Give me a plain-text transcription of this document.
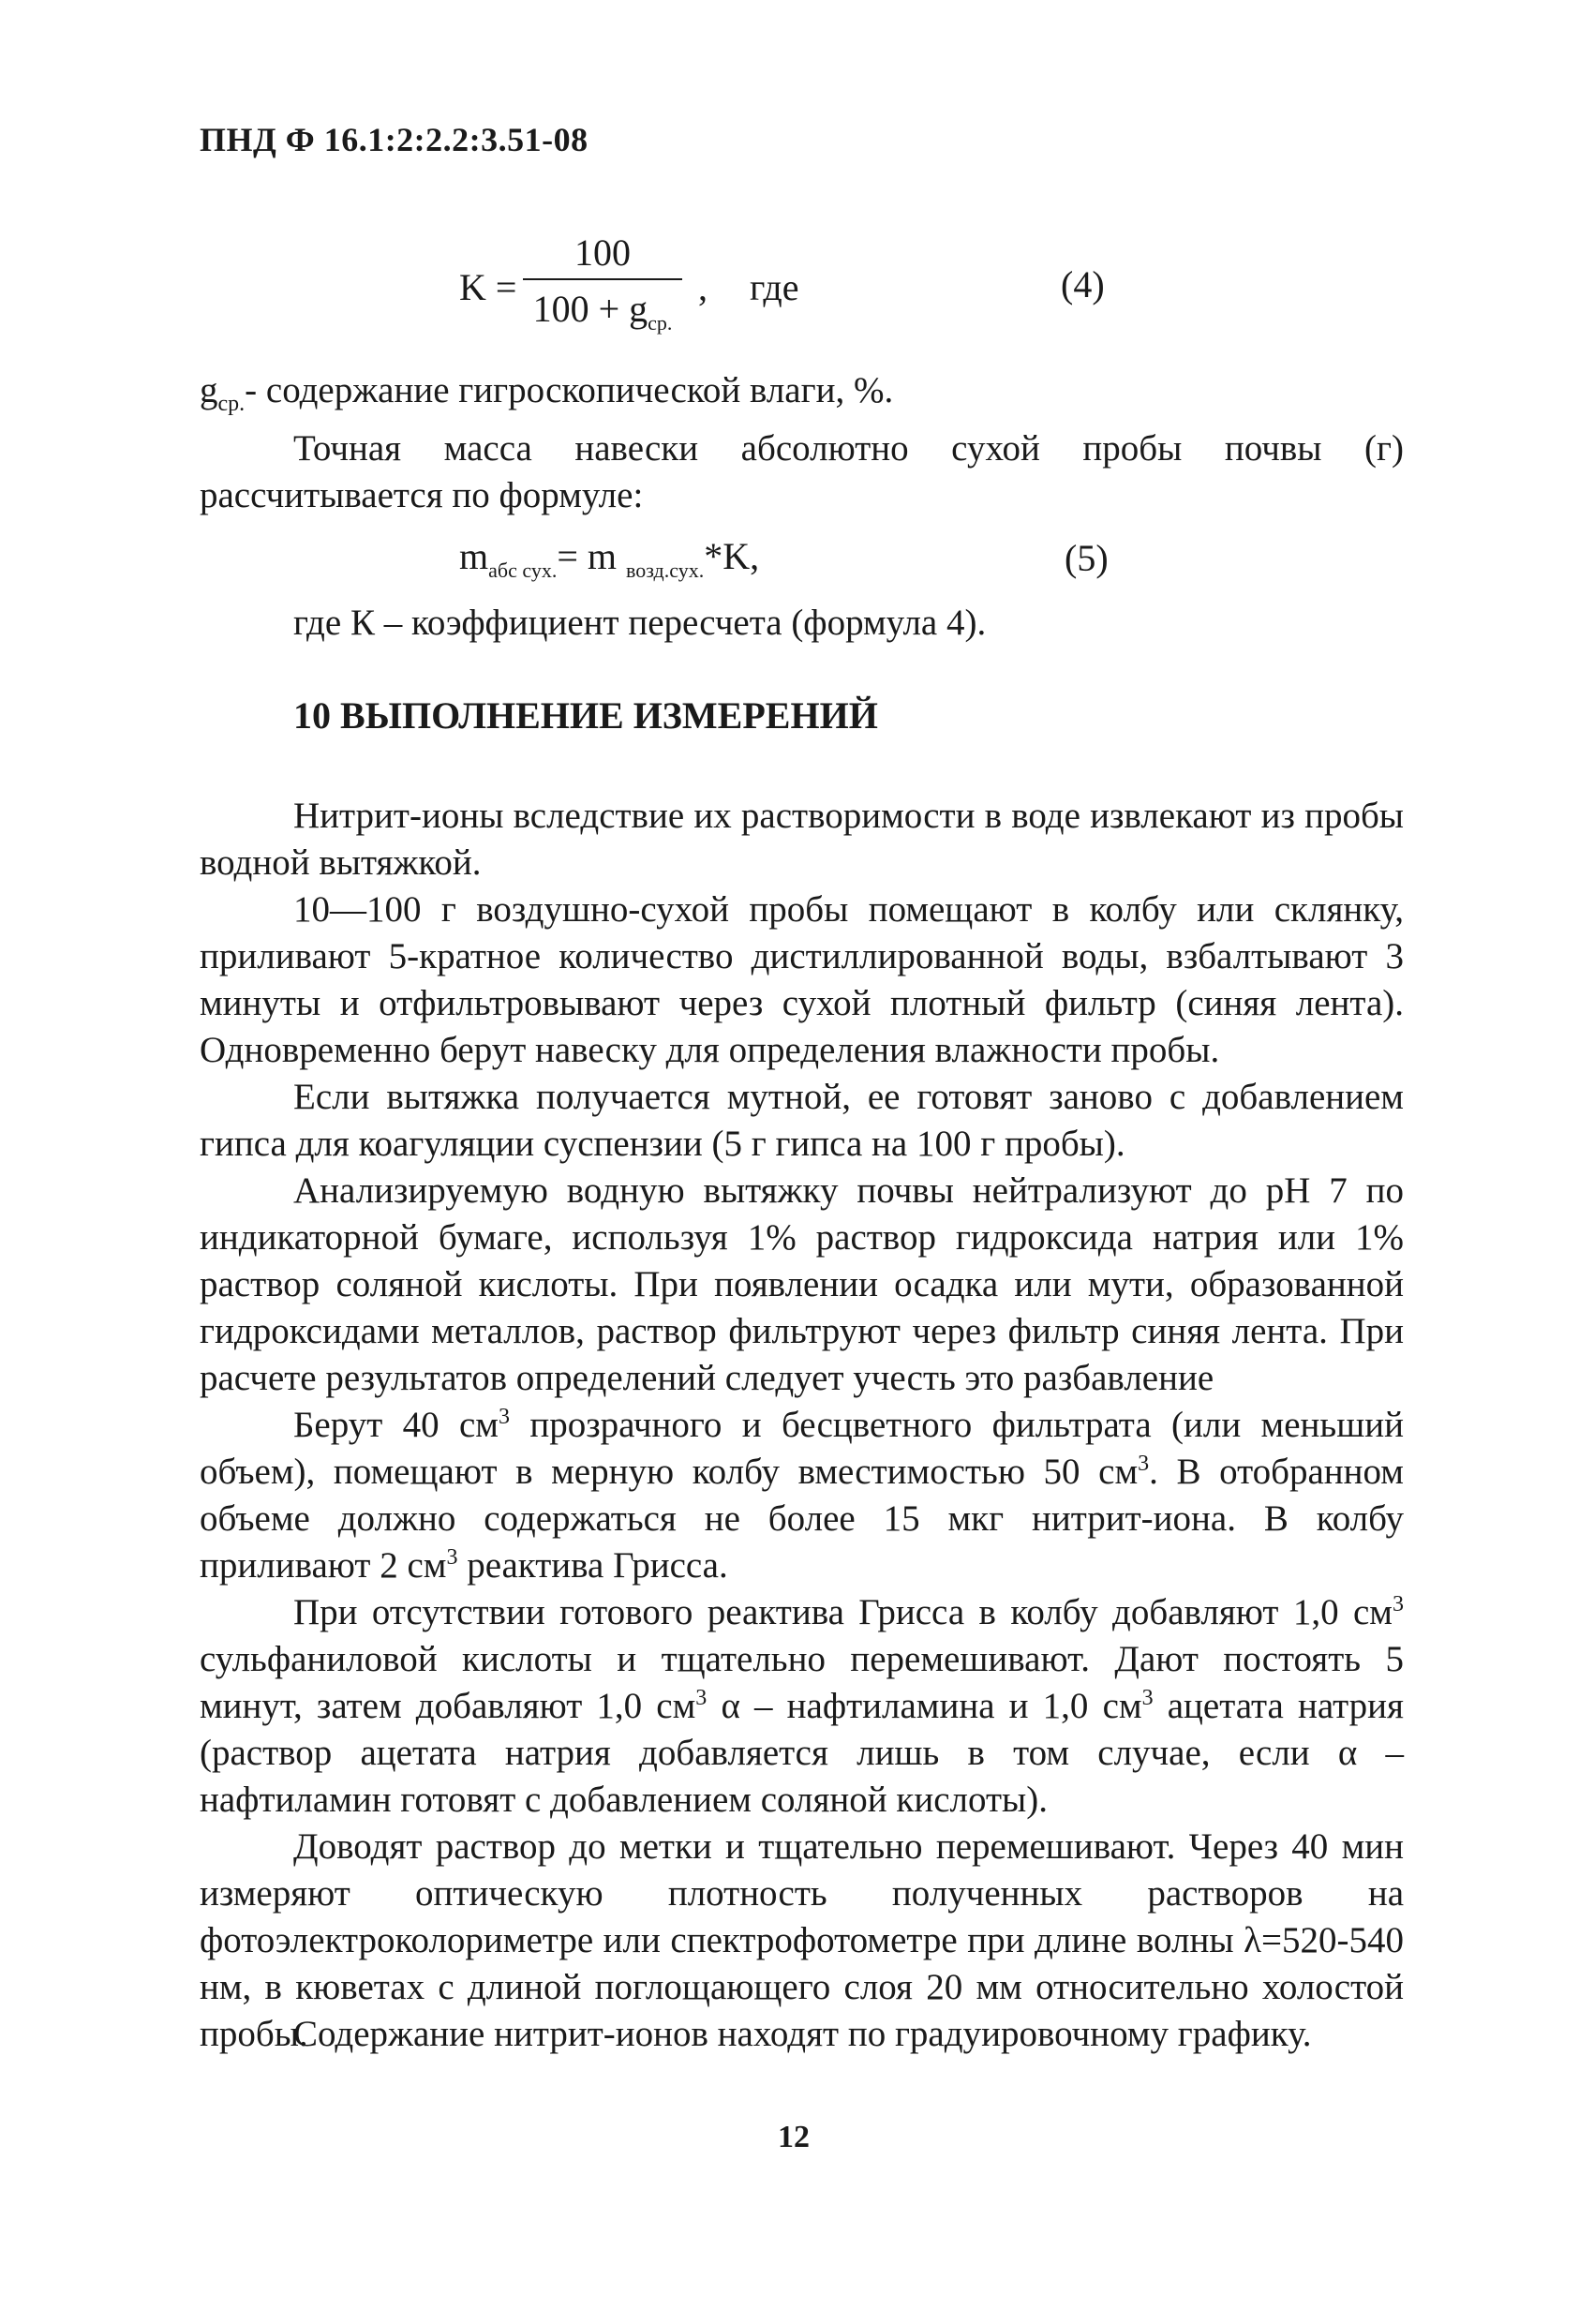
ПНД Ф 16.1:2:2.2:3.51-08
K =
100
$100 + g_{ср.}$
, где	(4)

$g_{ср.}-$ содержание гигроскопической влаги, %.

Точная масса навески абсолютно сухой пробы почвы (г) рассчитывается по формуле:

$m_{абс сух.}= m$ $_{возд.сух.}$*K,	(5)

где К – коэффициент пересчета (формула 4).

10 ВЫПОЛНЕНИЕ ИЗМЕРЕНИЙ

Нитрит-ионы вследствие их растворимости в воде извлекают из пробы водной вытяжкой.

10—100 г воздушно-сухой пробы помещают в колбу или склянку, приливают 5-кратное количество дистиллированной воды, взбалтывают 3 минуты и отфильтровывают через сухой плотный фильтр (синяя лента). Одновременно берут навеску для определения влажности пробы.

Если вытяжка получается мутной, ее готовят заново с добавлением гипса для коагуляции суспензии (5 г гипса на 100 г пробы).

Анализируемую водную вытяжку почвы нейтрализуют до рН 7 по индикаторной бумаге, используя 1% раствор гидроксида натрия или 1% раствор соляной кислоты. При появлении осадка или мути, образованной гидроксидами металлов, раствор фильтруют через фильтр синяя лента. При расчете результатов определений следует учесть это разбавление

Берут 40 $см^3$ прозрачного и бесцветного фильтрата (или меньший объем), помещают в мерную колбу вместимостью 50 $см^3$. В отобранном объеме должно содержаться не более 15 мкг нитрит-иона. В колбу приливают 2 $см^3$ реактива Грисса.

При отсутствии готового реактива Грисса в колбу добавляют 1,0 $см^3$ сульфаниловой кислоты и тщательно перемешивают. Дают постоять 5 минут, затем добавляют 1,0 $см^3$ α – нафтиламина и 1,0 $см^3$ ацетата натрия (раствор ацетата натрия добавляется лишь в том случае, если α – нафтиламин готовят с добавлением соляной кислоты).

Доводят раствор до метки и тщательно перемешивают. Через 40 мин измеряют оптическую плотность полученных растворов на фотоэлектроколориметре или спектрофотометре при длине волны λ=520-540 нм, в кюветах с длиной поглощающего слоя 20 мм относительно холостой пробы.

Содержание нитрит-ионов находят по градуировочному графику.

12
